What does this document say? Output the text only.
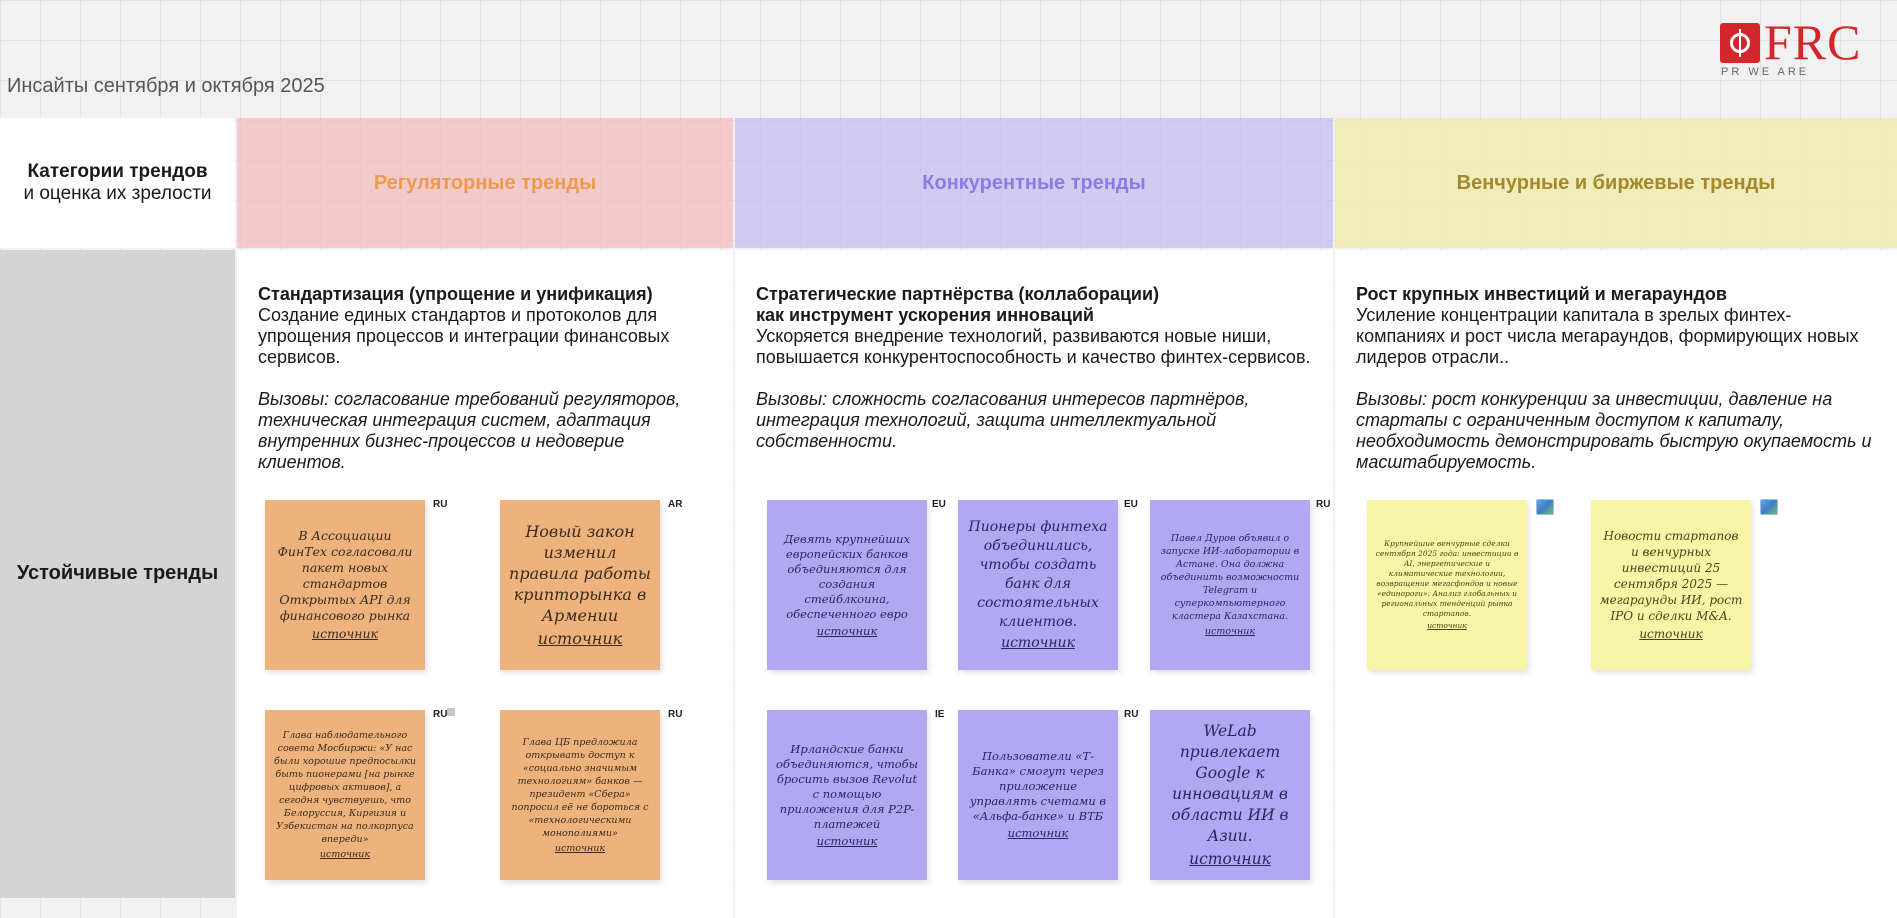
Инсайты сентября и октября 2025
FRC
PR WE ARE
Категории трендов
и оценка их зрелости	Регуляторные тренды	Конкурентные тренды	Венчурные и биржевые тренды
Устойчивые тренды
Стандартизация (упрощение и унификация)
Создание единых стандартов и протоколов для упрощения процессов и интеграции финансовых сервисов.
Вызовы: согласование требований регуляторов, техническая интеграция систем, адаптация внутренних бизнес-процессов и недоверие клиентов.
В Ассоциации ФинТех согласовали пакет новых стандартов Открытых API для финансового рынка
источник
RU
Новый закон изменил правила работы крипторынка в Армении
источник
AR
Глава наблюдательного совета Мосбиржи: «У нас были хорошие предпосылки быть пионерами [на рынке цифровых активов], а сегодня чувствуешь, что Белоруссия, Киргизия и Узбекистан на полкорпуса впереди»
источник
RU
Глава ЦБ предложила открывать доступ к «социально значимым технологиям» банков — президент «Сбера» попросил её не бороться с «технологическими монополиями»
источник
RU
Стратегические партнёрства (коллаборации)
как инструмент ускорения инноваций
Ускоряется внедрение технологий, развиваются новые ниши, повышается конкурентоспособность и качество финтех-сервисов.
Вызовы: сложность согласования интересов партнёров, интеграция технологий, защита интеллектуальной собственности.
Девять крупнейших европейских банков объединяются для создания стейблкоина, обеспеченного евро
источник
EU
Пионеры финтеха объединились, чтобы создать банк для состоятельных клиентов.
источник
EU
Павел Дуров объявил о запуске ИИ-лаборатории в Астане. Она должна объединить возможности Telegram и суперкомпьютерного кластера Казахстана.
источник
RU
Ирландские банки объединяются, чтобы бросить вызов Revolut с помощью приложения для P2P-платежей
источник
IE
Пользователи «Т-Банка» смогут через приложение управлять счетами в «Альфа-банке» и ВТБ
источник
RU
WeLab привлекает Google к инновациям в области ИИ в Азии.
источник
Рост крупных инвестиций и мегараундов
Усиление концентрации капитала в зрелых финтех-компаниях и рост числа мегараундов, формирующих новых лидеров отрасли..
Вызовы: рост конкуренции за инвестиции, давление на стартапы с ограниченным доступом к капиталу, необходимость демонстрировать быструю окупаемость и масштабируемость.
Крупнейшие венчурные сделки сентября 2025 года: инвестиции в AI, энергетические и климатические технологии, возвращение мегасфондов и новые «единороги». Анализ глобальных и региональных тенденций рынка стартапов.
источник
Новости стартапов и венчурных инвестиций 25 сентября 2025 — мегараунды ИИ, рост IPO и сделки M&A.
источник
